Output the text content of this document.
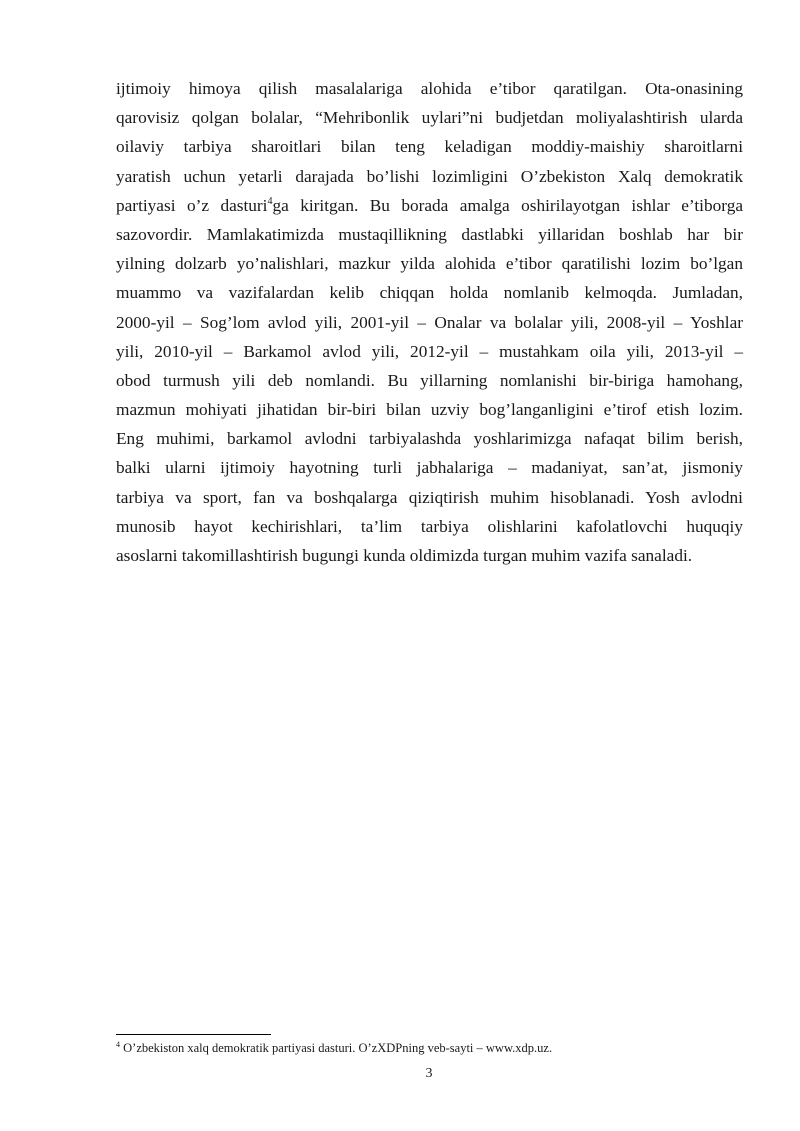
ijtimoiy himoya qilish masalalariga alohida e’tibor qaratilgan. Ota-onasining
qarovisiz qolgan bolalar, “Mehribonlik uylari”ni budjetdan moliyalashtirish ularda
oilaviy tarbiya sharoitlari bilan teng keladigan moddiy-maishiy sharoitlarni
yaratish uchun yetarli darajada bo’lishi lozimligini O’zbekiston Xalq demokratik
partiyasi o’z dasturi$^4$ga kiritgan. Bu borada amalga oshirilayotgan ishlar e’tiborga
sazovordir. Mamlakatimizda mustaqillikning dastlabki yillaridan boshlab har bir
yilning dolzarb yo’nalishlari, mazkur yilda alohida e’tibor qaratilishi lozim bo’lgan
muammo va vazifalardan kelib chiqqan holda nomlanib kelmoqda. Jumladan,
2000-yil – Sog’lom avlod yili, 2001-yil – Onalar va bolalar yili, 2008-yil – Yoshlar
yili, 2010-yil – Barkamol avlod yili, 2012-yil – mustahkam oila yili, 2013-yil –
obod turmush yili deb nomlandi. Bu yillarning nomlanishi bir-biriga hamohang,
mazmun mohiyati jihatidan bir-biri bilan uzviy bog’langanligini e’tirof etish lozim.
Eng muhimi, barkamol avlodni tarbiyalashda yoshlarimizga nafaqat bilim berish,
balki ularni ijtimoiy hayotning turli jabhalariga – madaniyat, san’at, jismoniy
tarbiya va sport, fan va boshqalarga qiziqtirish muhim hisoblanadi. Yosh avlodni
munosib hayot kechirishlari, ta’lim tarbiya olishlarini kafolatlovchi huquqiy
asoslarni takomillashtirish bugungi kunda oldimizda turgan muhim vazifa sanaladi.
$^4$ O’zbekiston xalq demokratik partiyasi dasturi. O’zXDPning veb-sayti – www.xdp.uz.
3
